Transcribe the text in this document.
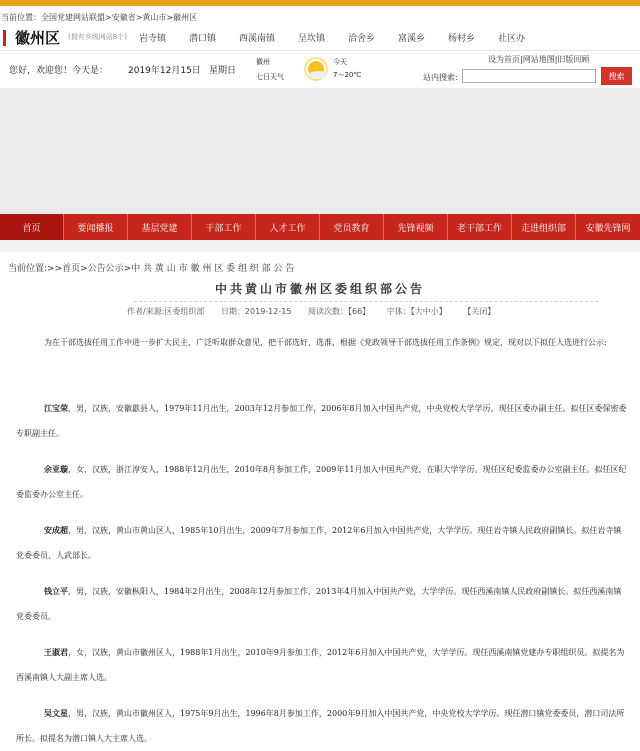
当前位置：全国党建网站联盟>安徽省>黄山市>徽州区
徽州区 (拥有乡级网站8个) 岩寺镇	潜口镇	西溪南镇	呈坎镇	洽舍乡	富溪乡	杨村乡	社区办
您好，欢迎您！今天是： 2019年12月15日 星期日
徽州
七日天气
今天
7～20℃
设为首页|网站地图|旧版回顾
站内搜索:	搜索
首页	要闻播报	基层党建	干部工作	人才工作	党员教育	先锋视频	老干部工作	走进组织部	安徽先锋网
当前位置:>>首页>公告公示>中 共 黄 山 市 徽 州 区 委 组 织 部 公 告
中共黄山市徽州区委组织部公告
作者/来源:区委组织部 日期：2019-12-15 阅读次数：【66】 字体：【大中小】 【关闭】

为在干部选拔任用工作中进一步扩大民主，广泛听取群众意见，把干部选好、选准，根据《党政领导干部选拔任用工作条例》规定，现对以下拟任人选进行公示:

江宝荣，男，汉族，安徽歙县人，1979年11月出生，2003年12月参加工作，2006年8月加入中国共产党，中央党校大学学历。现任区委办副主任。拟任区委保密委专职副主任。

余亚璇，女，汉族，浙江淳安人，1988年12月出生，2010年8月参加工作，2009年11月加入中国共产党，在职大学学历。现任区纪委监委办公室副主任。拟任区纪委监委办公室主任。

安成超，男，汉族，黄山市黄山区人，1985年10月出生，2009年7月参加工作，2012年6月加入中国共产党，大学学历。现任岩寺镇人民政府副镇长。拟任岩寺镇党委委员、人武部长。

钱立平，男，汉族，安徽枞阳人，1984年2月出生，2008年12月参加工作，2013年4月加入中国共产党，大学学历。现任西溪南镇人民政府副镇长。拟任西溪南镇党委委员。

王淑君，女，汉族，黄山市徽州区人，1988年1月出生，2010年9月参加工作，2012年6月加入中国共产党，大学学历。现任西溪南镇党建办专职组织员。拟提名为西溪南镇人大副主席人选。

吴文星，男，汉族，黄山市徽州区人，1975年9月出生，1996年8月参加工作，2000年9月加入中国共产党，中央党校大学学历。现任潜口镇党委委员，潜口司法所所长。拟提名为潜口镇人大主席人选。
